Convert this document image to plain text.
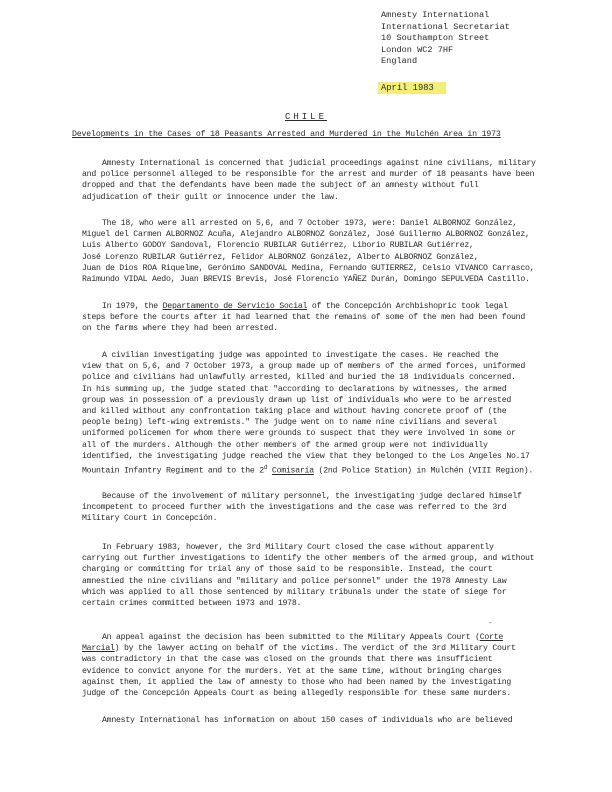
Amnesty International
International Secretariat
10 Southampton Street
London WC2 7HF
England
April 1983
CHILE
Developments in the Cases of 18 Peasants Arrested and Murdered in the Mulchén Area in 1973
Amnesty International is concerned that judicial proceedings against nine civilians, military
and police personnel alleged to be responsible for the arrest and murder of 18 peasants have been
dropped and that the defendants have been made the subject of an amnesty without full
adjudication of their guilt or innocence under the law.
The 18, who were all arrested on 5,6, and 7 October 1973, were: Daniel ALBORNOZ González,
Miguel del Carmen ALBORNOZ Acuña, Alejandro ALBORNOZ González, José Guillermo ALBORNOZ González,
Luis Alberto GODOY Sandoval, Florencio RUBILAR Gutiérrez, Liborio RUBILAR Gutiérrez,
José Lorenzo RUBILAR Gutiérrez, Felidor ALBORNOZ González, Alberto ALBORNOZ González,
Juan de Dios ROA Riquelme, Gerónimo SANDOVAL Medina, Fernando GUTIERREZ, Celsio VIVANCO Carrasco,
Raimundo VIDAL Aedo, Juan BREVIS Brevis, José Florencio YAÑEZ Durán, Domingo SEPULVEDA Castillo.
In 1979, the Departamento de Servicio Social of the Concepción Archbishopric took legal
steps before the courts after it had learned that the remains of some of the men had been found
on the farms where they had been arrested.
A civilian investigating judge was appointed to investigate the cases. He reached the
view that on 5,6, and 7 October 1973, a group made up of members of the armed forces, uniformed
police and civilians had unlawfully arrested, killed and buried the 18 individuals concerned.
In his summing up, the judge stated that "according to declarations by witnesses, the armed
group was in possession of a previously drawn up list of individuals who were to be arrested
and killed without any confrontation taking place and without having concrete proof of (the
people being) left-wing extremists." The judge went on to name nine civilians and several
uniformed policemen for whom there were grounds to suspect that they were involved in some or
all of the murders. Although the other members of the armed group were not individually
identified, the investigating judge reached the view that they belonged to the Los Angeles No.17
Mountain Infantry Regiment and to the 2$^d$ Comisaría (2nd Police Station) in Mulchén (VIII Region).
Because of the involvement of military personnel, the investigating judge declared himself
incompetent to proceed further with the investigations and the case was referred to the 3rd
Military Court in Concepción.
In February 1983, however, the 3rd Military Court closed the case without apparently
carrying out further investigations to identify the other members of the armed group, and without
charging or committing for trial any of those said to be responsible. Instead, the court
amnestied the nine civilians and "military and police personnel" under the 1978 Amnesty Law
which was applied to all those sentenced by military tribunals under the state of siege for
certain crimes committed between 1973 and 1978.
-
An appeal against the decision has been submitted to the Military Appeals Court (Corte
Marcial) by the lawyer acting on behalf of the victims. The verdict of the 3rd Military Court
was contradictory in that the case was closed on the grounds that there was insufficient
evidence to convict anyone for the murders. Yet at the same time, without bringing charges
against them, it applied the law of amnesty to those who had been named by the investigating
judge of the Concepción Appeals Court as being allegedly responsible for these same murders.
Amnesty International has information on about 150 cases of individuals who are believed
